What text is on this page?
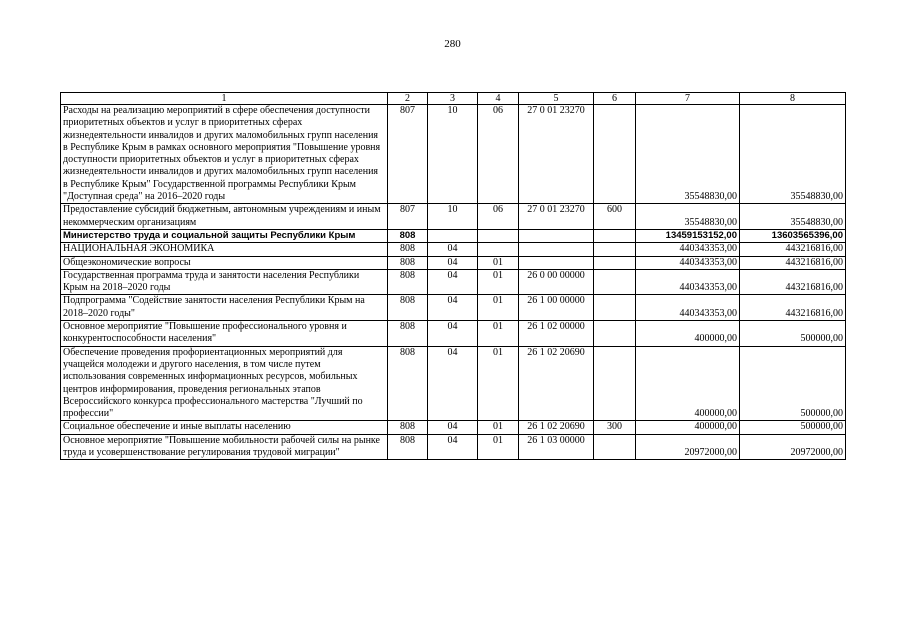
280
1	2	3	4	5	6	7	8
Расходы на реализацию мероприятий в сфере обеспечения доступности приоритетных объектов и услуг в приоритетных сферах жизнедеятельности инвалидов и других маломобильных групп населения в Республике Крым в рамках основного мероприятия "Повышение уровня доступности приоритетных объектов и услуг в приоритетных сферах жизнедеятельности инвалидов и других маломобильных групп населения в Республике Крым" Государственной программы Республики Крым "Доступная среда" на 2016–2020 годы	807	10	06	27 0 01 23270		35548830,00	35548830,00
Предоставление субсидий бюджетным, автономным учреждениям и иным некоммерческим организациям	807	10	06	27 0 01 23270	600	35548830,00	35548830,00
Министерство труда и социальной защиты Республики Крым	808					13459153152,00	13603565396,00
НАЦИОНАЛЬНАЯ ЭКОНОМИКА	808	04				440343353,00	443216816,00
Общеэкономические вопросы	808	04	01			440343353,00	443216816,00
Государственная программа труда и занятости населения Республики Крым на 2018–2020 годы	808	04	01	26 0 00 00000		440343353,00	443216816,00
Подпрограмма "Содействие занятости населения Республики Крым на 2018–2020 годы"	808	04	01	26 1 00 00000		440343353,00	443216816,00
Основное мероприятие "Повышение профессионального уровня и конкурентоспособности населения"	808	04	01	26 1 02 00000		400000,00	500000,00
Обеспечение проведения профориентационных мероприятий для учащейся молодежи и другого населения, в том числе путем использования современных информационных ресурсов, мобильных центров информирования, проведения региональных этапов Всероссийского конкурса профессионального мастерства "Лучший по профессии"	808	04	01	26 1 02 20690		400000,00	500000,00
Социальное обеспечение и иные выплаты населению	808	04	01	26 1 02 20690	300	400000,00	500000,00
Основное мероприятие "Повышение мобильности рабочей силы на рынке труда и усовершенствование регулирования трудовой миграции"	808	04	01	26 1 03 00000		20972000,00	20972000,00
